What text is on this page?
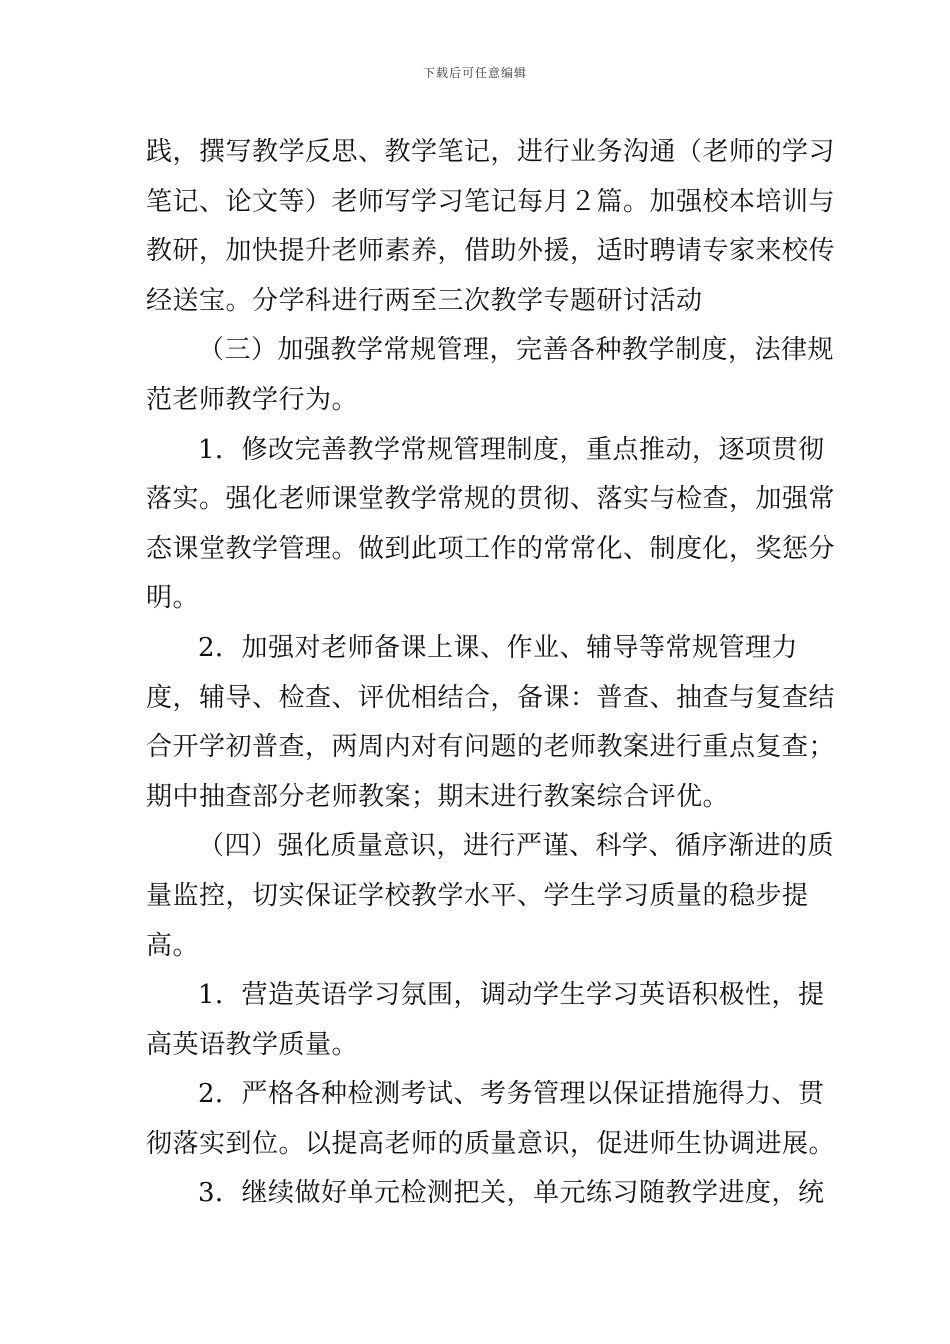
下载后可任意编辑

践，撰写教学反思、教学笔记，进行业务沟通（老师的学习笔记、论文等）老师写学习笔记每月２篇。加强校本培训与教研，加快提升老师素养，借助外援，适时聘请专家来校传经送宝。分学科进行两至三次教学专题研讨活动

（三）加强教学常规管理，完善各种教学制度，法律规范老师教学行为。

1．修改完善教学常规管理制度，重点推动，逐项贯彻落实。强化老师课堂教学常规的贯彻、落实与检查，加强常态课堂教学管理。做到此项工作的常常化、制度化，奖惩分明。

2．加强对老师备课上课、作业、辅导等常规管理力度，辅导、检查、评优相结合，备课：普查、抽查与复查结合开学初普查，两周内对有问题的老师教案进行重点复查；期中抽查部分老师教案；期末进行教案综合评优。

（四）强化质量意识，进行严谨、科学、循序渐进的质量监控，切实保证学校教学水平、学生学习质量的稳步提高。

1．营造英语学习氛围，调动学生学习英语积极性，提高英语教学质量。

2．严格各种检测考试、考务管理以保证措施得力、贯彻落实到位。以提高老师的质量意识，促进师生协调进展。

3．继续做好单元检测把关，单元练习随教学进度，统
